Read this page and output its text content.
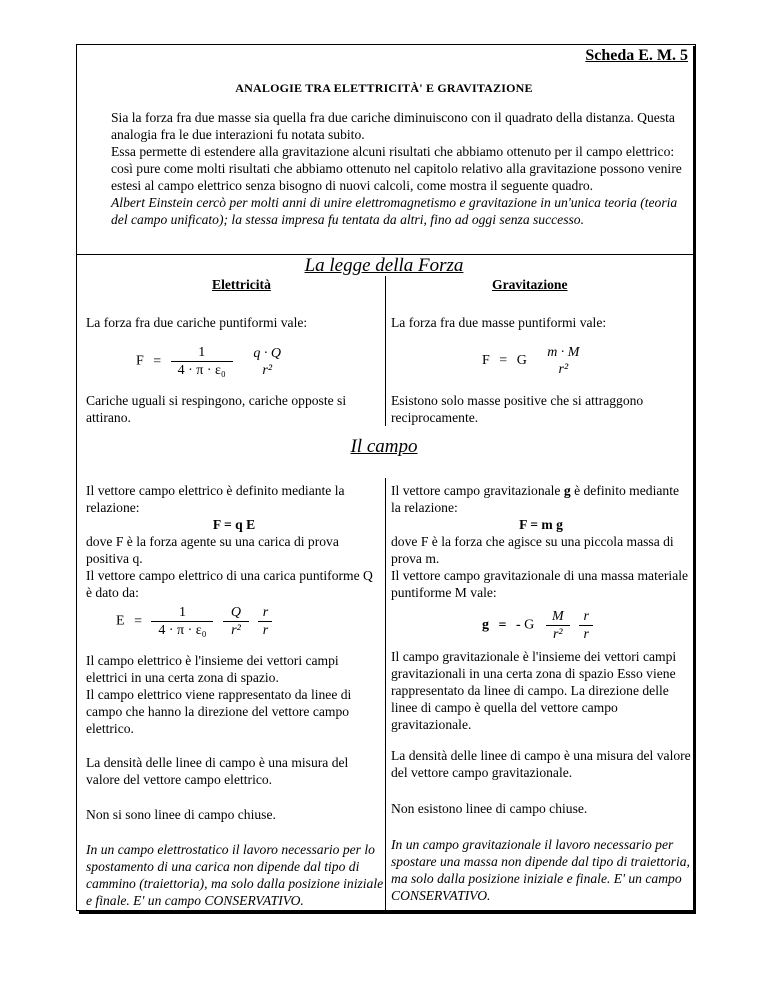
Scheda E. M. 5
ANALOGIE TRA ELETTRICITÀ' E GRAVITAZIONE

Sia la forza fra due masse sia quella fra due cariche diminuiscono con il quadrato della distanza. Questa analogia fra le due interazioni fu notata subito.

Essa permette di estendere alla gravitazione alcuni risultati che abbiamo ottenuto per il campo elettrico: così pure come molti risultati che abbiamo ottenuto nel capitolo relativo alla gravitazione possono venire estesi al campo elettrico senza bisogno di nuovi calcoli, come mostra il seguente quadro.

Albert Einstein cercò per molti anni di unire elettromagnetismo e gravitazione in un'unica teoria (teoria del campo unificato); la stessa impresa fu tentata da altri, fino ad oggi senza successo.

La legge della Forza
Elettricità	Gravitazione
La forza fra due cariche puntiformi vale:	La forza fra due masse puntiformi vale:
$F = \frac{1}{\text{4 · π · ε₀}}$
	q · Q
r²
F = G
m · M
r²
Cariche uguali si respingono, cariche opposte si attirano.
Esistono solo masse positive che si attraggono reciprocamente.
Il campo

Il vettore campo elettrico è definito mediante la relazione:

F = q E

dove F è la forza agente su una carica di prova positiva q.

Il vettore campo elettrico di una carica puntiforme Q è dato da:

Il vettore campo gravitazionale g è definito mediante la relazione:

F = m g

dove F è la forza che agisce su una piccola massa di prova m.

Il vettore campo gravitazionale di una massa materiale puntiforme M vale:

$E = \frac{1}{\text{4 · π · ε₀}}$
$\frac{Q}{\text{r²}}$
$\frac{r}{r}$	g = - G $\frac{M}{\text{r²}}$
$\frac{r}{r}$

Il campo elettrico è l'insieme dei vettori campi elettrici in una certa zona di spazio.

Il campo elettrico viene rappresentato da linee di campo che hanno la direzione del vettore campo elettrico.

Il campo gravitazionale è l'insieme dei vettori campi gravitazionali in una certa zona di spazio Esso viene rappresentato da linee di campo. La direzione delle linee di campo è quella del vettore campo gravitazionale.

La densità delle linee di campo è una misura del valore del vettore campo elettrico.
La densità delle linee di campo è una misura del valore del vettore campo gravitazionale.
Non si sono linee di campo chiuse.	Non esistono linee di campo chiuse.
In un campo elettrostatico il lavoro necessario per lo spostamento di una carica non dipende dal tipo di cammino (traiettoria), ma solo dalla posizione iniziale e finale. E' un campo CONSERVATIVO.
In un campo gravitazionale il lavoro necessario per spostare una massa non dipende dal tipo di traiettoria, ma solo dalla posizione iniziale e finale. E' un campo CONSERVATIVO.
